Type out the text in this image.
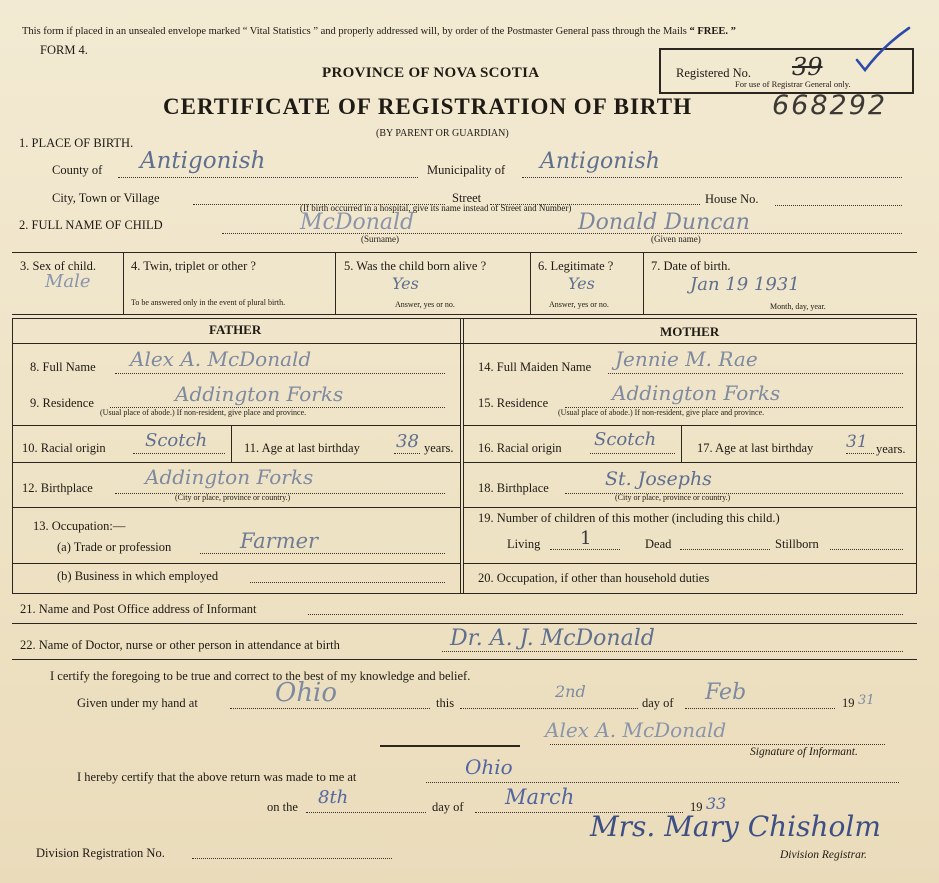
This form if placed in an unsealed envelope marked “ Vital Statistics ” and properly addressed will, by order of the Postmaster General pass through the Mails “ FREE. ”
FORM 4.
PROVINCE OF NOVA SCOTIA
CERTIFICATE OF REGISTRATION OF BIRTH
(BY PARENT OR GUARDIAN)
668292
Registered No. 39
For use of Registrar General only.
1. PLACE OF BIRTH.
County of Antigonish	Municipality of Antigonish
City, Town or Village	Street	House No.
(If birth occurred in a hospital, give its name instead of Street and Number)
2. FULL NAME OF CHILD	McDonald
(Surname)
Donald Duncan
(Given name)
3. Sex of child.
Male
4. Twin, triplet or other ?
To be answered only in the event of plural birth.
5. Was the child born alive ?
Yes
Answer, yes or no.
6. Legitimate ?
Yes
Answer, yes or no.
7. Date of birth.
Jan 19 1931
Month, day, year.
FATHER	MOTHER
8. Full Name Alex A. McDonald
9. Residence	Addington Forks
(Usual place of abode.) If non-resident, give place and province.
10. Racial origin Scotch	11. Age at last birthday 38 years.
12. Birthplace	Addington Forks
(City or place, province or country.)
13. Occupation:—
(a) Trade or profession	Farmer
(b) Business in which employed
14. Full Maiden Name Jennie M. Rae
15. Residence	Addington Forks
(Usual place of abode.) If non-resident, give place and province.
16. Racial origin Scotch	17. Age at last birthday 31 years.
18. Birthplace	St. Josephs
(City or place, province or country.)
19. Number of children of this mother (including this child.)
Living 1	Dead	Stillborn
20. Occupation, if other than household duties
21. Name and Post Office address of Informant
22. Name of Doctor, nurse or other person in attendance at birth	Dr. A. J. McDonald
I certify the foregoing to be true and correct to the best of my knowledge and belief.
Given under my hand at	Ohio	this
2nd
day of Feb	19 31
Alex A. McDonald
Signature of Informant.
I hereby certify that the above return was made to me at	Ohio
on the 8th	day of March	19 33
Mrs. Mary Chisholm
Division Registrar.
Division Registration No.
